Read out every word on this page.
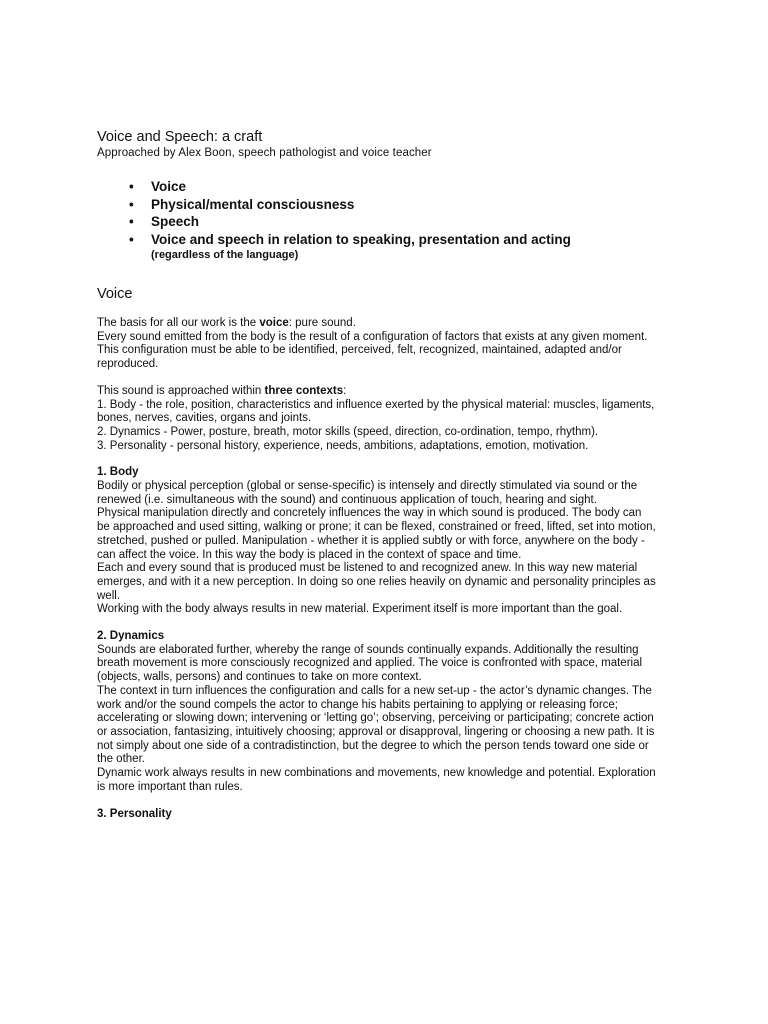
Voice and Speech: a craft

Approached by Alex Boon, speech pathologist and voice teacher

• Voice
• Physical/mental consciousness
• Speech
• Voice and speech in relation to speaking, presentation and acting
(regardless of the language)
Voice

The basis for all our work is the voice: pure sound.

Every sound emitted from the body is the result of a configuration of factors that exists at any given moment. This configuration must be able to be identified, perceived, felt, recognized, maintained, adapted and/or reproduced.

This sound is approached within three contexts:

1. Body - the role, position, characteristics and influence exerted by the physical material: muscles, ligaments, bones, nerves, cavities, organs and joints.

2. Dynamics - Power, posture, breath, motor skills (speed, direction, co-ordination, tempo, rhythm).

3. Personality - personal history, experience, needs, ambitions, adaptations, emotion, motivation.

1. Body

Bodily or physical perception (global or sense-specific) is intensely and directly stimulated via sound or the renewed (i.e. simultaneous with the sound) and continuous application of touch, hearing and sight.

Physical manipulation directly and concretely influences the way in which sound is produced. The body can be approached and used sitting, walking or prone; it can be flexed, constrained or freed, lifted, set into motion, stretched, pushed or pulled. Manipulation - whether it is applied subtly or with force, anywhere on the body - can affect the voice. In this way the body is placed in the context of space and time.

Each and every sound that is produced must be listened to and recognized anew. In this way new material emerges, and with it a new perception. In doing so one relies heavily on dynamic and personality principles as well.

Working with the body always results in new material. Experiment itself is more important than the goal.

2. Dynamics

Sounds are elaborated further, whereby the range of sounds continually expands. Additionally the resulting breath movement is more consciously recognized and applied. The voice is confronted with space, material (objects, walls, persons) and continues to take on more context.

The context in turn influences the configuration and calls for a new set-up - the actor’s dynamic changes. The work and/or the sound compels the actor to change his habits pertaining to applying or releasing force; accelerating or slowing down; intervening or ‘letting go’; observing, perceiving or participating; concrete action or association, fantasizing, intuitively choosing; approval or disapproval, lingering or choosing a new path. It is not simply about one side of a contradistinction, but the degree to which the person tends toward one side or the other.

Dynamic work always results in new combinations and movements, new knowledge and potential. Exploration is more important than rules.

3. Personality
